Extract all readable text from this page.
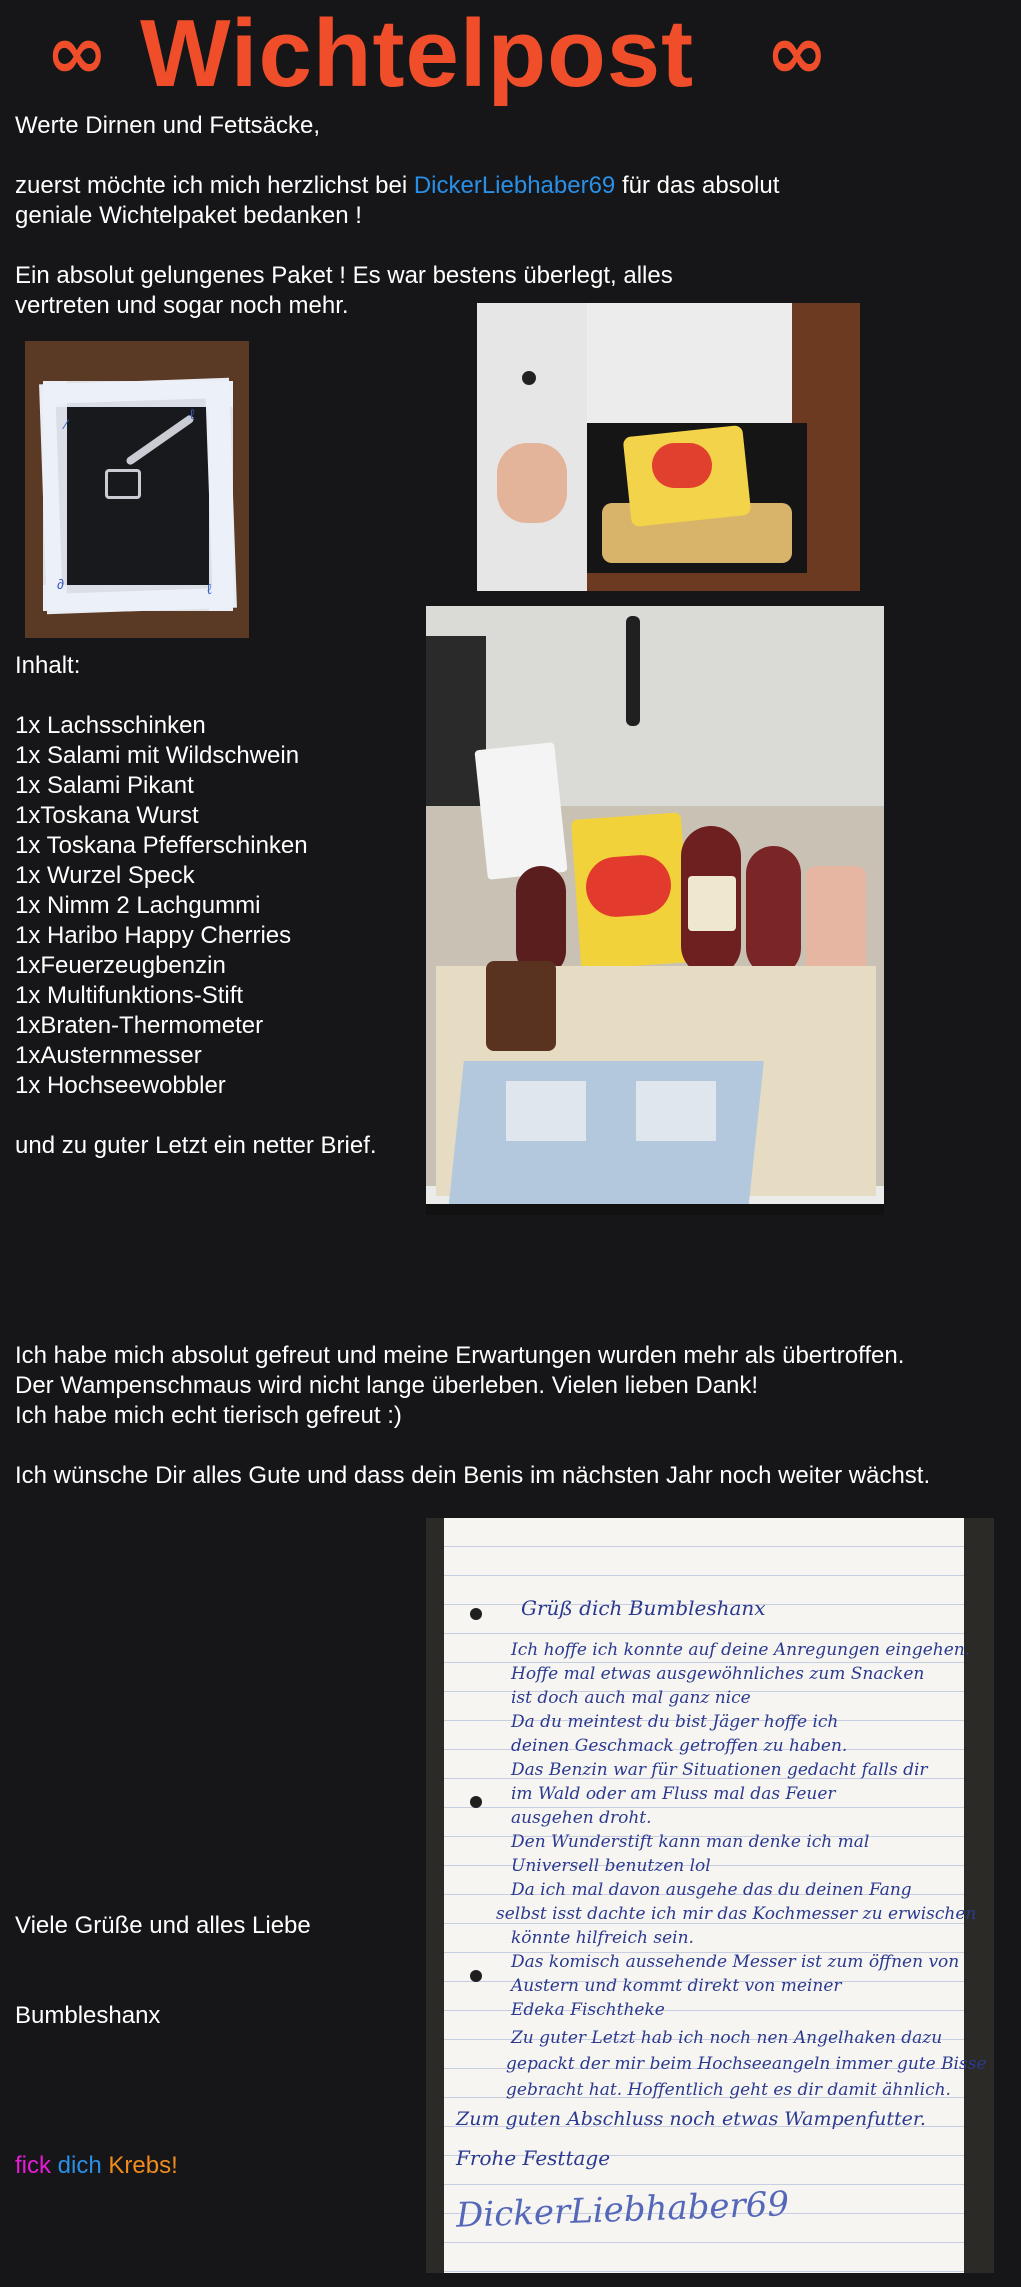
∞ Wichtelpost ∞
Werte Dirnen und Fettsäcke,
zuerst möchte ich mich herzlichst bei DickerLiebhaber69 für das absolut
geniale Wichtelpaket bedanken !
Ein absolut gelungenes Paket ! Es war bestens überlegt, alles
vertreten und sogar noch mehr.
⁄
ℓ
∂	ℓ
Inhalt:
1x Lachsschinken
1x Salami mit Wildschwein
1x Salami Pikant
1xToskana Wurst
1x Toskana Pfefferschinken
1x Wurzel Speck
1x Nimm 2 Lachgummi
1x Haribo Happy Cherries
1xFeuerzeugbenzin
1x Multifunktions-Stift
1xBraten-Thermometer
1xAusternmesser
1x Hochseewobbler
und zu guter Letzt ein netter Brief.
Ich habe mich absolut gefreut und meine Erwartungen wurden mehr als übertroffen.
Der Wampenschmaus wird nicht lange überleben. Vielen lieben Dank!
Ich habe mich echt tierisch gefreut :)
Ich wünsche Dir alles Gute und dass dein Benis im nächsten Jahr noch weiter wächst.
Grüß dich Bumbleshanx
Ich hoffe ich konnte auf deine Anregungen eingehen.
Hoffe mal etwas ausgewöhnliches zum Snacken
ist doch auch mal ganz nice
Da du meintest du bist Jäger hoffe ich
deinen Geschmack getroffen zu haben.
Das Benzin war für Situationen gedacht falls dir
im Wald oder am Fluss mal das Feuer
ausgehen droht.
Den Wunderstift kann man denke ich mal
Universell benutzen lol
Da ich mal davon ausgehe das du deinen Fang
selbst isst dachte ich mir das Kochmesser zu erwischen
könnte hilfreich sein.
Das komisch aussehende Messer ist zum öffnen von
Austern und kommt direkt von meiner
Edeka Fischtheke
Zu guter Letzt hab ich noch nen Angelhaken dazu
gepackt der mir beim Hochseeangeln immer gute Bisse
gebracht hat. Hoffentlich geht es dir damit ähnlich.
Zum guten Abschluss noch etwas Wampenfutter.
Frohe Festtage
DickerLiebhaber69
Viele Grüße und alles Liebe
Bumbleshanx
fick dich Krebs!
